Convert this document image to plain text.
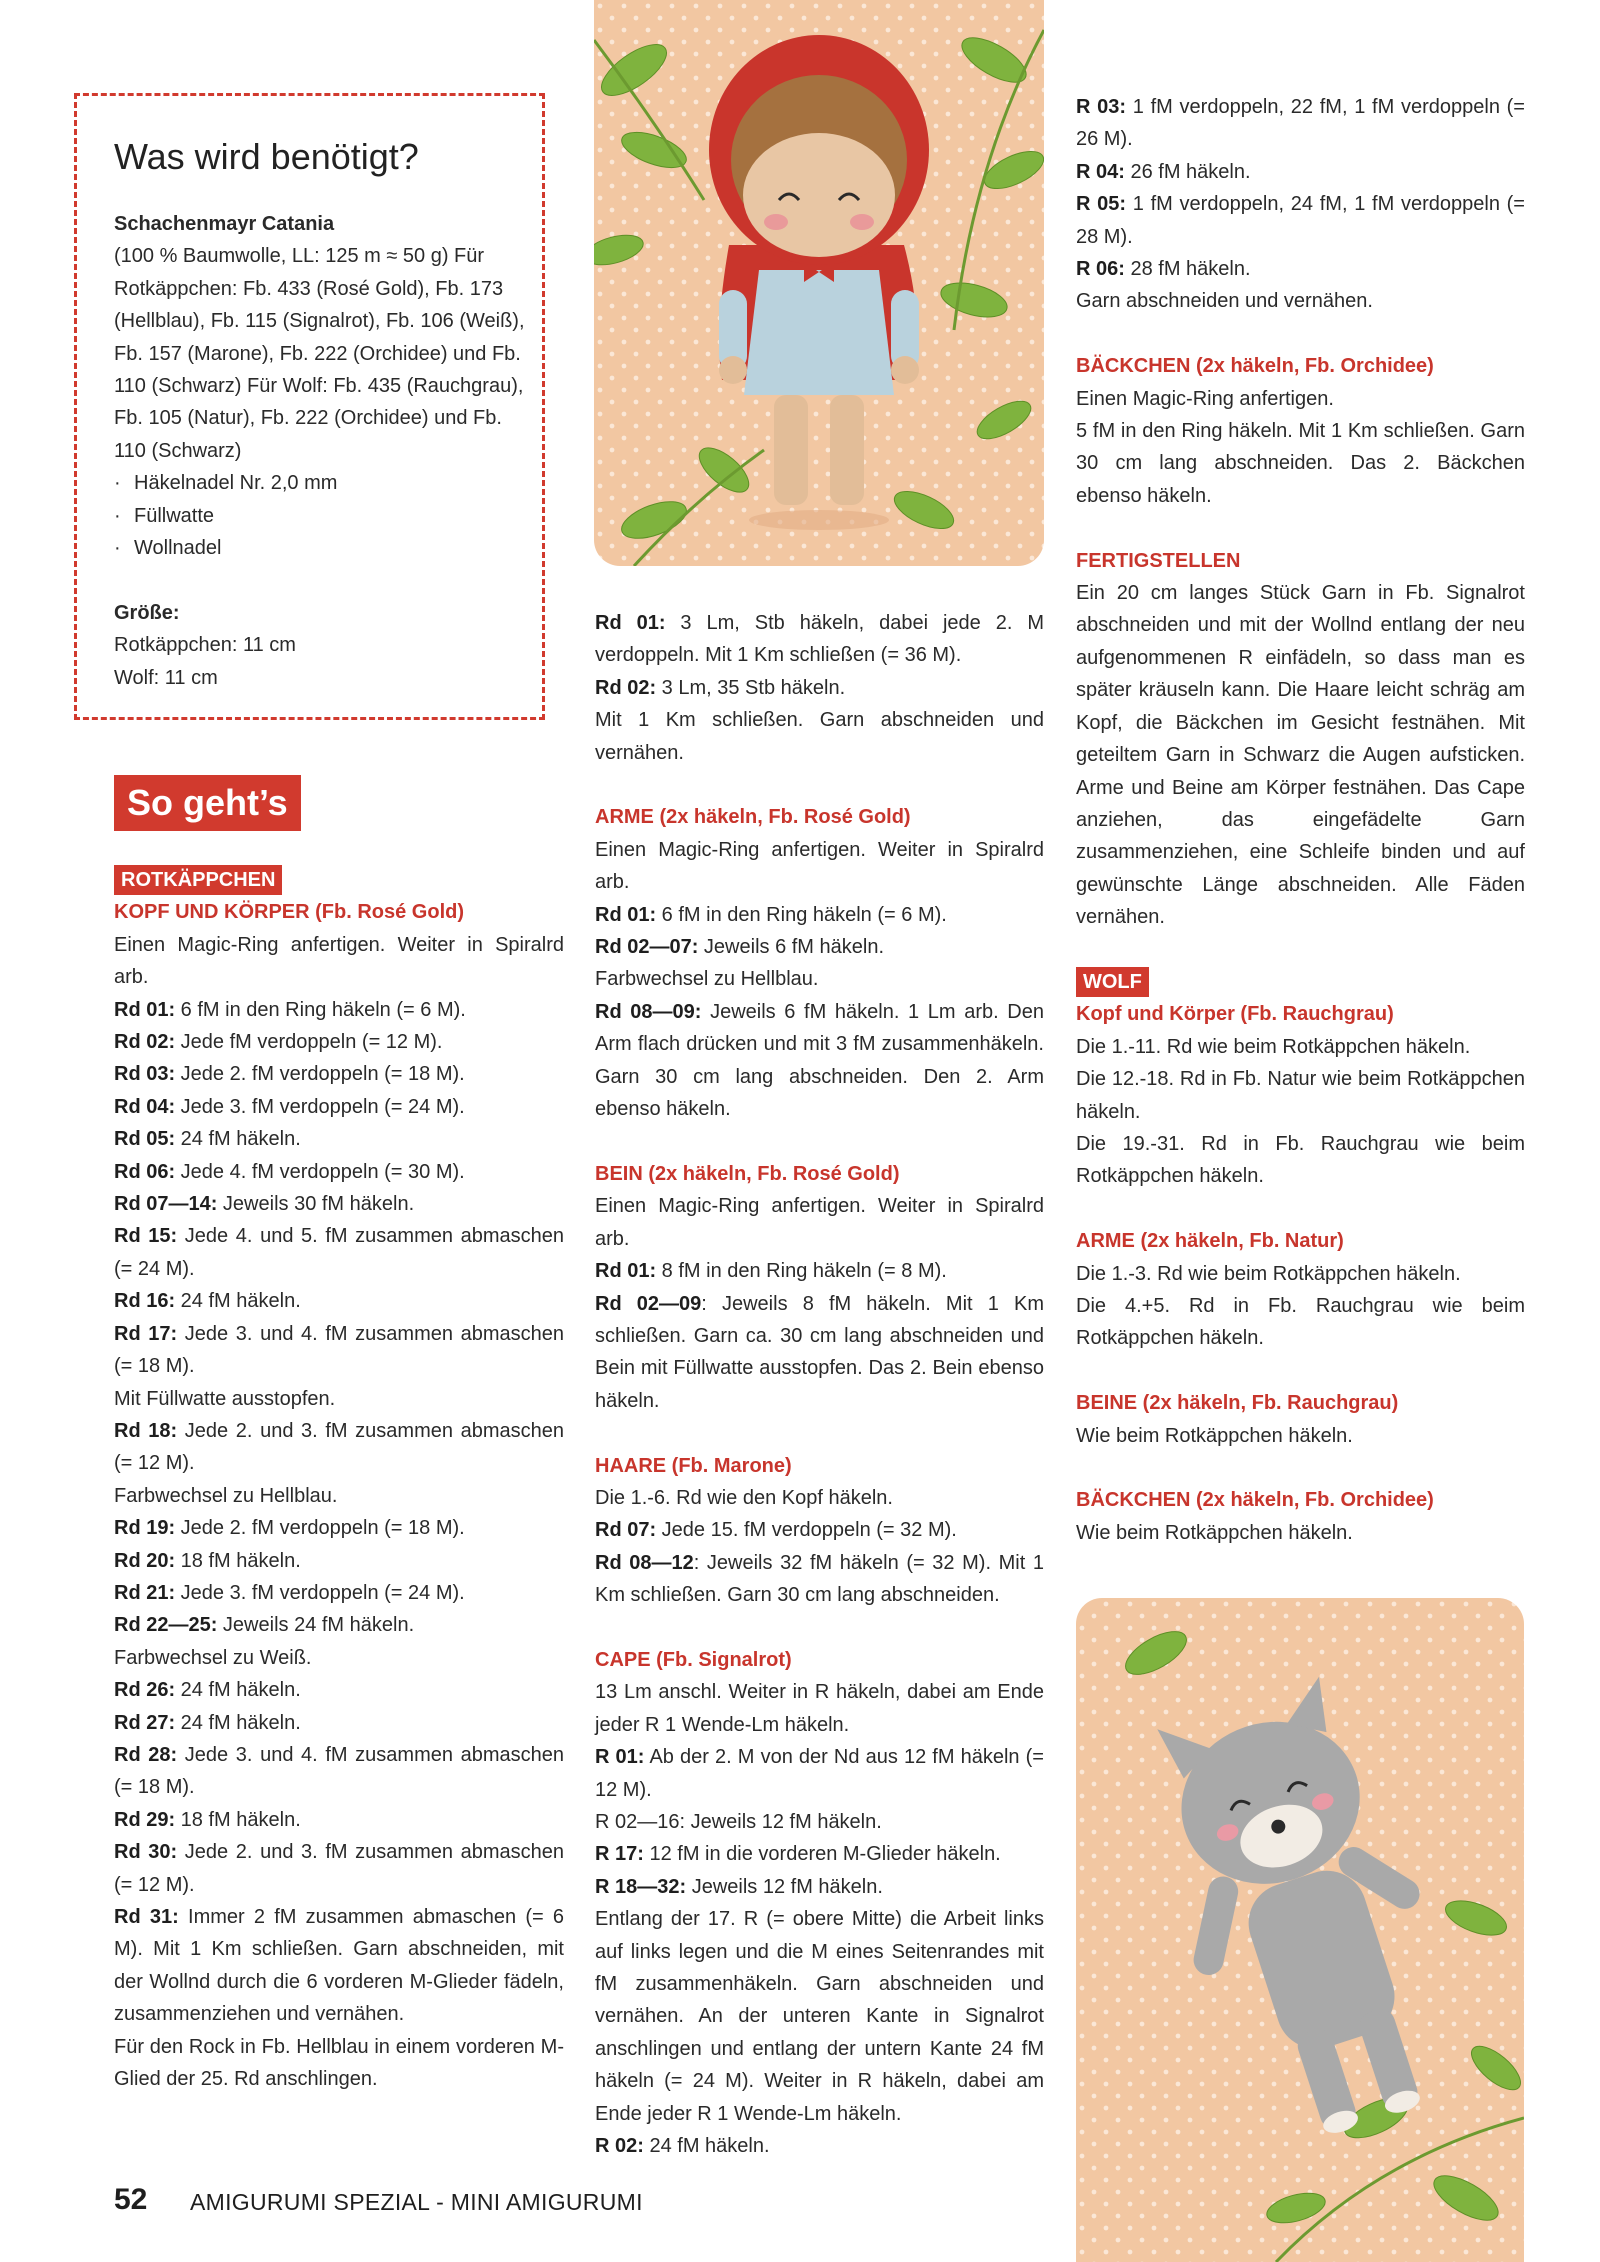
Was wird benötigt?

Schachenmayr Catania

(100 % Baumwolle, LL: 125 m ≈ 50 g) Für

Rotkäppchen: Fb. 433 (Rosé Gold), Fb. 173

(Hellblau), Fb. 115 (Signalrot), Fb. 106 (Weiß),

Fb. 157 (Marone), Fb. 222 (Orchidee) und Fb.

110 (Schwarz) Für Wolf: Fb. 435 (Rauchgrau),

Fb. 105 (Natur), Fb. 222 (Orchidee) und Fb.

110 (Schwarz)

· Häkelnadel Nr. 2,0 mm

· Füllwatte

· Wollnadel

Größe:

Rotkäppchen: 11 cm

Wolf: 11 cm

So geht’s

ROTKÄPPCHEN

KOPF UND KÖRPER (Fb. Rosé Gold)

Einen Magic-Ring anfertigen. Weiter in Spiralrd arb.

Rd 01: 6 fM in den Ring häkeln (= 6 M).

Rd 02: Jede fM verdoppeln (= 12 M).

Rd 03: Jede 2. fM verdoppeln (= 18 M).

Rd 04: Jede 3. fM verdoppeln (= 24 M).

Rd 05: 24 fM häkeln.

Rd 06: Jede 4. fM verdoppeln (= 30 M).

Rd 07—14: Jeweils 30 fM häkeln.

Rd 15: Jede 4. und 5. fM zusammen abmaschen (= 24 M).

Rd 16: 24 fM häkeln.

Rd 17: Jede 3. und 4. fM zusammen abmaschen (= 18 M).

Mit Füllwatte ausstopfen.

Rd 18: Jede 2. und 3. fM zusammen abmaschen (= 12 M).

Farbwechsel zu Hellblau.

Rd 19: Jede 2. fM verdoppeln (= 18 M).

Rd 20: 18 fM häkeln.

Rd 21: Jede 3. fM verdoppeln (= 24 M).

Rd 22—25: Jeweils 24 fM häkeln.

Farbwechsel zu Weiß.

Rd 26: 24 fM häkeln.

Rd 27: 24 fM häkeln.

Rd 28: Jede 3. und 4. fM zusammen abmaschen (= 18 M).

Rd 29: 18 fM häkeln.

Rd 30: Jede 2. und 3. fM zusammen abmaschen (= 12 M).

Rd 31: Immer 2 fM zusammen abmaschen (= 6 M). Mit 1 Km schließen. Garn abschneiden, mit der Wollnd durch die 6 vorderen M-Glieder fädeln, zusammenziehen und vernähen.

Für den Rock in Fb. Hellblau in einem vorderen M-Glied der 25. Rd anschlingen.

Rd 01: 3 Lm, Stb häkeln, dabei jede 2. M verdoppeln. Mit 1 Km schließen (= 36 M).

Rd 02: 3 Lm, 35 Stb häkeln.

Mit 1 Km schließen. Garn abschneiden und vernähen.

ARME (2x häkeln, Fb. Rosé Gold)

Einen Magic-Ring anfertigen. Weiter in Spiralrd arb.

Rd 01: 6 fM in den Ring häkeln (= 6 M).

Rd 02—07: Jeweils 6 fM häkeln.

Farbwechsel zu Hellblau.

Rd 08—09: Jeweils 6 fM häkeln. 1 Lm arb. Den Arm flach drücken und mit 3 fM zusammenhäkeln. Garn 30 cm lang abschneiden. Den 2. Arm ebenso häkeln.

BEIN (2x häkeln, Fb. Rosé Gold)

Einen Magic-Ring anfertigen. Weiter in Spiralrd arb.

Rd 01: 8 fM in den Ring häkeln (= 8 M).

Rd 02—09: Jeweils 8 fM häkeln. Mit 1 Km schließen. Garn ca. 30 cm lang abschneiden und Bein mit Füllwatte ausstopfen. Das 2. Bein ebenso häkeln.

HAARE (Fb. Marone)

Die 1.-6. Rd wie den Kopf häkeln.

Rd 07: Jede 15. fM verdoppeln (= 32 M).

Rd 08—12: Jeweils 32 fM häkeln (= 32 M). Mit 1 Km schließen. Garn 30 cm lang abschneiden.

CAPE (Fb. Signalrot)

13 Lm anschl. Weiter in R häkeln, dabei am Ende jeder R 1 Wende-Lm häkeln.

R 01: Ab der 2. M von der Nd aus 12 fM häkeln (= 12 M).

R 02—16: Jeweils 12 fM häkeln.

R 17: 12 fM in die vorderen M-Glieder häkeln.

R 18—32: Jeweils 12 fM häkeln.

Entlang der 17. R (= obere Mitte) die Arbeit links auf links legen und die M eines Seitenrandes mit fM zusammenhäkeln. Garn abschneiden und vernähen. An der unteren Kante in Signalrot anschlingen und entlang der untern Kante 24 fM häkeln (= 24 M). Weiter in R häkeln, dabei am Ende jeder R 1 Wende-Lm häkeln.

R 02: 24 fM häkeln.

R 03: 1 fM verdoppeln, 22 fM, 1 fM verdoppeln (= 26 M).

R 04: 26 fM häkeln.

R 05: 1 fM verdoppeln, 24 fM, 1 fM verdoppeln (= 28 M).

R 06: 28 fM häkeln.

Garn abschneiden und vernähen.

BÄCKCHEN (2x häkeln, Fb. Orchidee)

Einen Magic-Ring anfertigen.

5 fM in den Ring häkeln. Mit 1 Km schließen. Garn 30 cm lang abschneiden. Das 2. Bäckchen ebenso häkeln.

FERTIGSTELLEN

Ein 20 cm langes Stück Garn in Fb. Signalrot abschneiden und mit der Wollnd entlang der neu aufgenommenen R einfädeln, so dass man es später kräuseln kann. Die Haare leicht schräg am Kopf, die Bäckchen im Gesicht festnähen. Mit geteiltem Garn in Schwarz die Augen aufsticken. Arme und Beine am Körper festnähen. Das Cape anziehen, das eingefädelte Garn zusammenziehen, eine Schleife binden und auf gewünschte Länge abschneiden. Alle Fäden vernähen.

WOLF

Kopf und Körper (Fb. Rauchgrau)

Die 1.-11. Rd wie beim Rotkäppchen häkeln.

Die 12.-18. Rd in Fb. Natur wie beim Rotkäppchen häkeln.

Die 19.-31. Rd in Fb. Rauchgrau wie beim Rotkäppchen häkeln.

ARME (2x häkeln, Fb. Natur)

Die 1.-3. Rd wie beim Rotkäppchen häkeln.

Die 4.+5. Rd in Fb. Rauchgrau wie beim Rotkäppchen häkeln.

BEINE (2x häkeln, Fb. Rauchgrau)

Wie beim Rotkäppchen häkeln.

BÄCKCHEN (2x häkeln, Fb. Orchidee)

Wie beim Rotkäppchen häkeln.

52 AMIGURUMI SPEZIAL - MINI AMIGURUMI
